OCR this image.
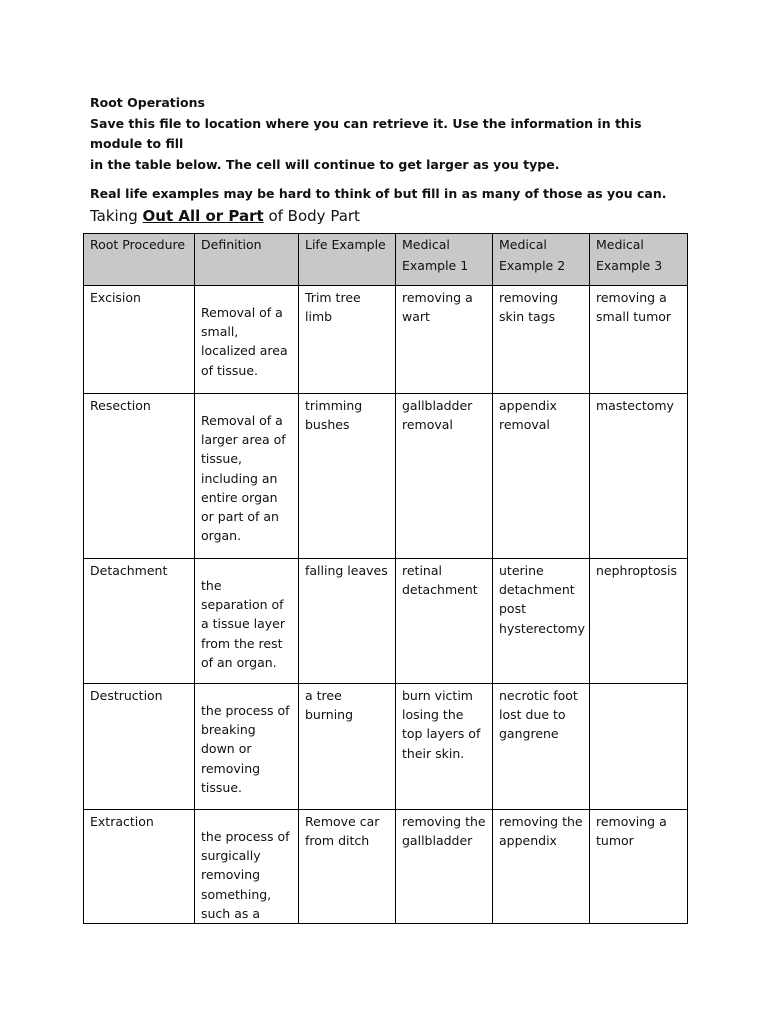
Root Operations

Save this file to location where you can retrieve it. Use the information in this module to fill

in the table below. The cell will continue to get larger as you type.

Real life examples may be hard to think of but fill in as many of those as you can.

Taking Out All or Part of Body Part
Root Procedure	Definition	Life Example	Medical Example 1	Medical Example 2	Medical Example 3
Excision	Removal of a small, localized area of tissue.	Trim tree limb	removing a wart	removing skin tags	removing a small tumor
Resection	Removal of a larger area of tissue, including an entire organ or part of an organ.	trimming bushes	gallbladder removal	appendix removal	mastectomy
Detachment	the separation of a tissue layer from the rest of an organ.	falling leaves	retinal detachment	uterine detachment post hysterectomy	nephroptosis
Destruction	the process of breaking down or removing tissue.	a tree burning	burn victim losing the top layers of their skin.	necrotic foot lost due to gangrene	
Extraction	the process of surgically removing something, such as a	Remove car from ditch	removing the gallbladder	removing the appendix	removing a tumor
